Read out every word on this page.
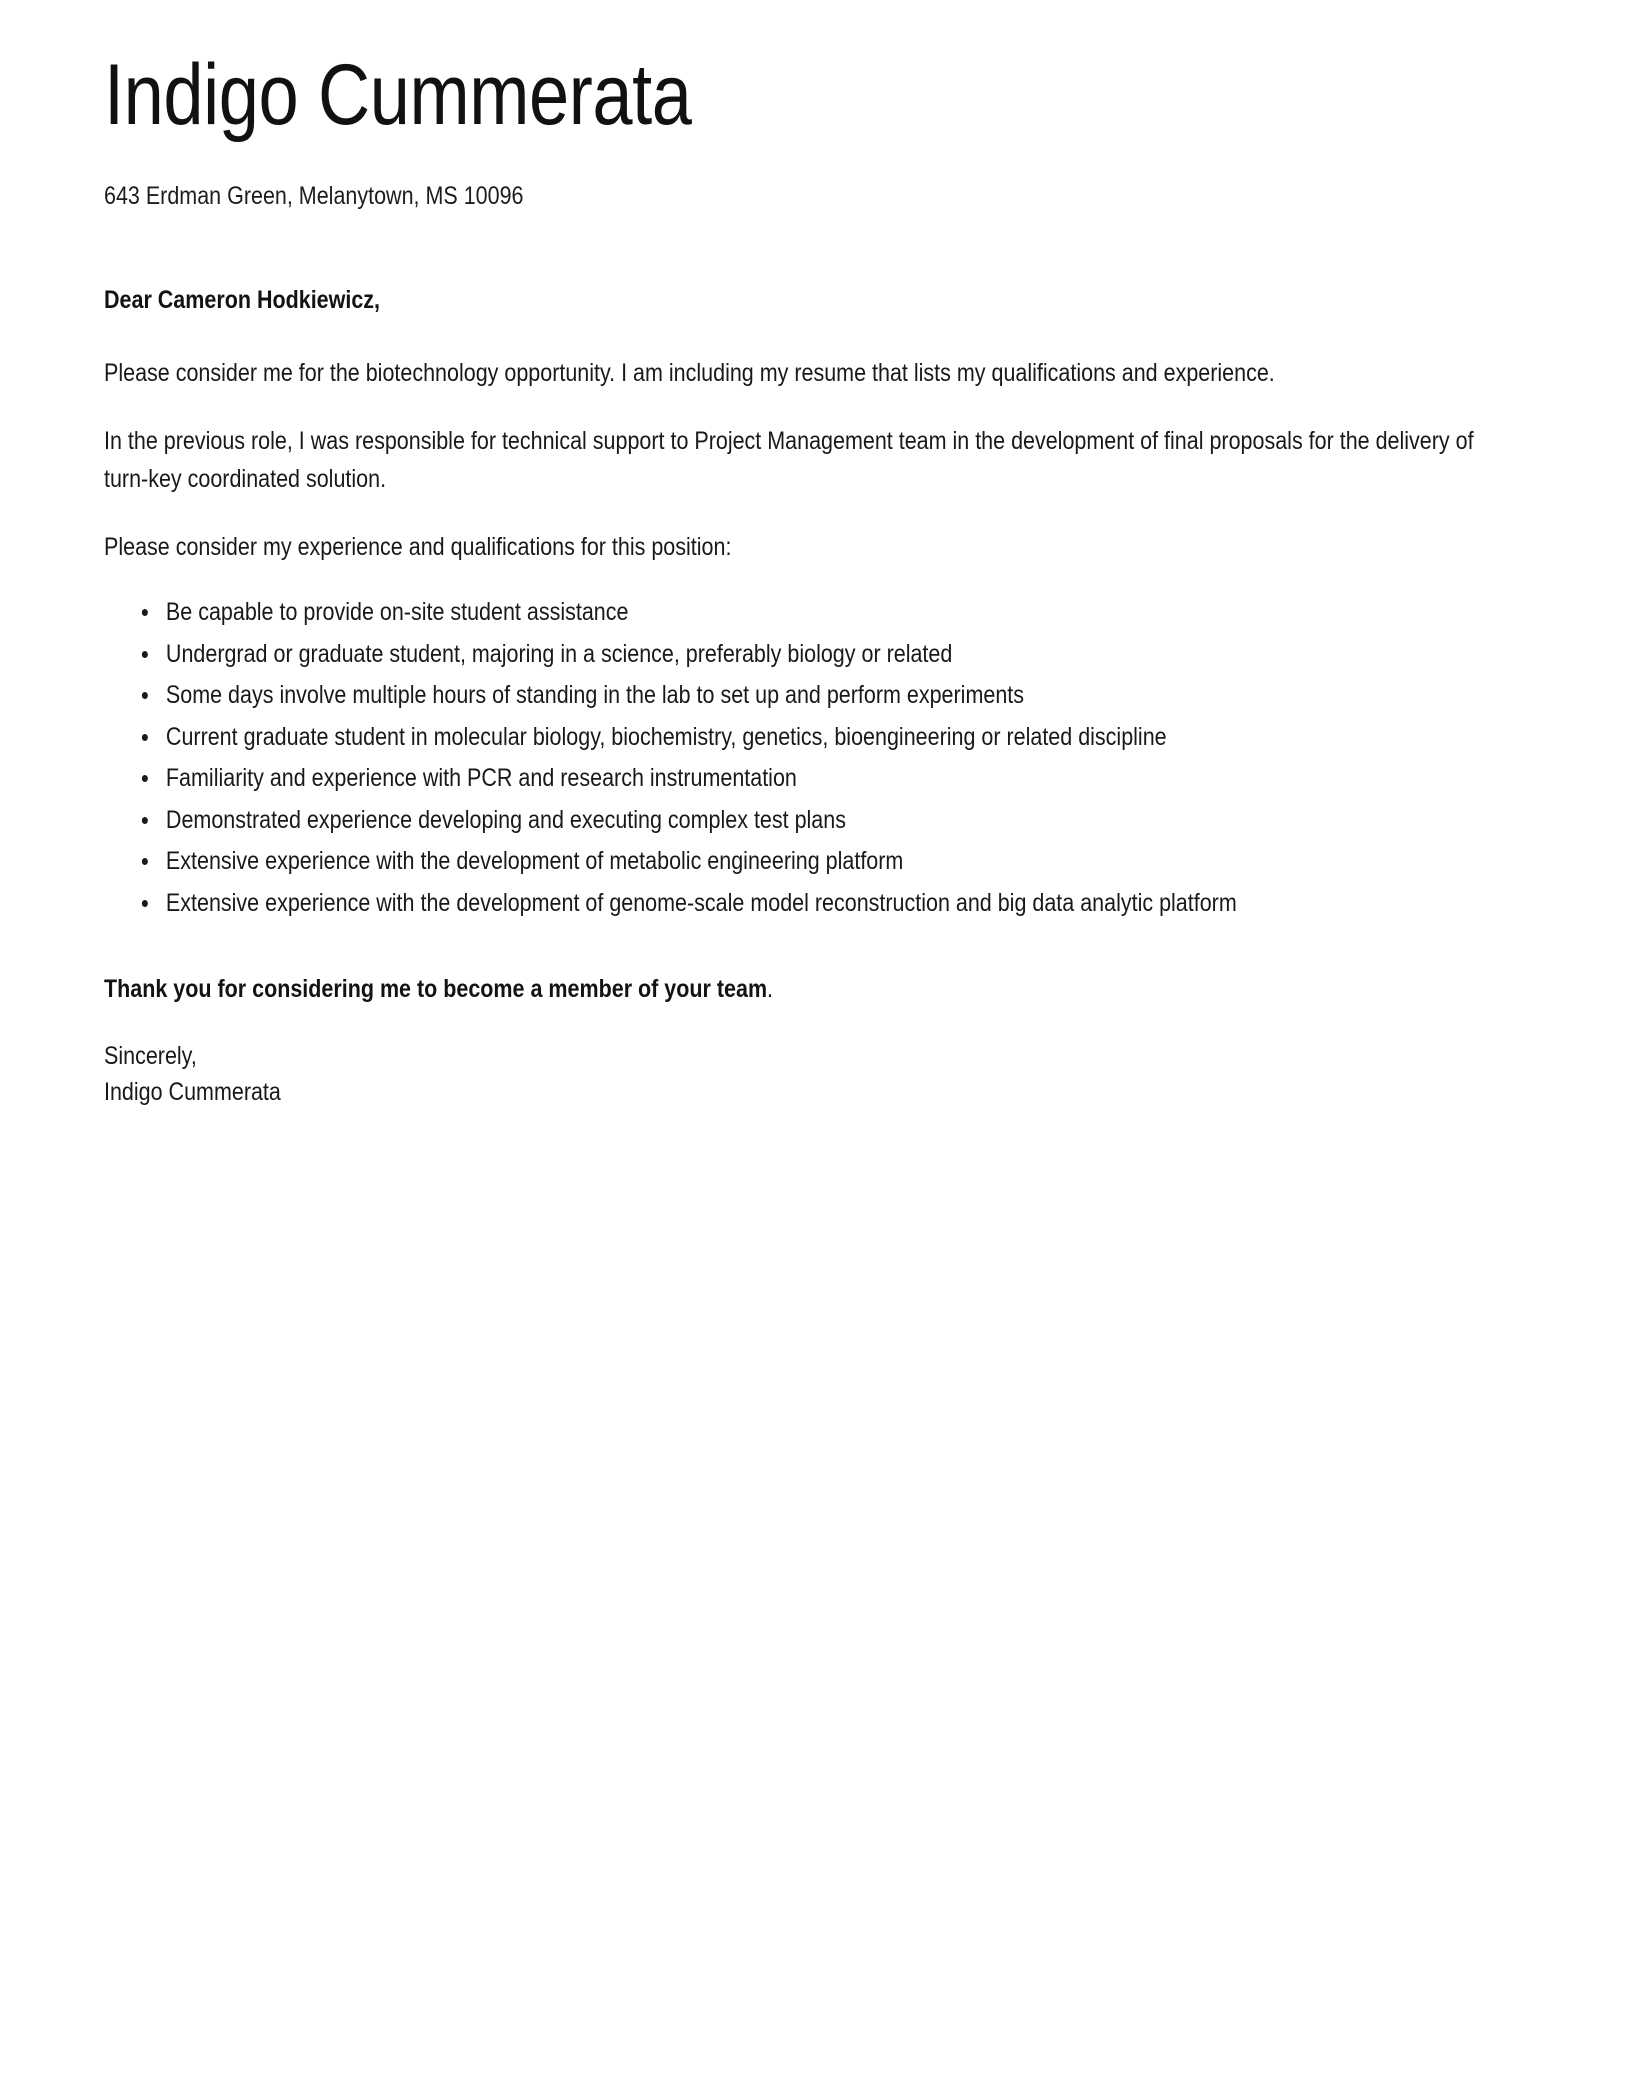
Indigo Cummerata
643 Erdman Green, Melanytown, MS 10096
Dear Cameron Hodkiewicz,

Please consider me for the biotechnology opportunity. I am including my resume that lists my qualifications and experience.

In the previous role, I was responsible for technical support to Project Management team in the development of final proposals for the delivery of turn-key coordinated solution.

Please consider my experience and qualifications for this position:

Be capable to provide on-site student assistance
Undergrad or graduate student, majoring in a science, preferably biology or related
Some days involve multiple hours of standing in the lab to set up and perform experiments
Current graduate student in molecular biology, biochemistry, genetics, bioengineering or related discipline
Familiarity and experience with PCR and research instrumentation
Demonstrated experience developing and executing complex test plans
Extensive experience with the development of metabolic engineering platform
Extensive experience with the development of genome-scale model reconstruction and big data analytic platform
Thank you for considering me to become a member of your team.
Sincerely,
Indigo Cummerata
